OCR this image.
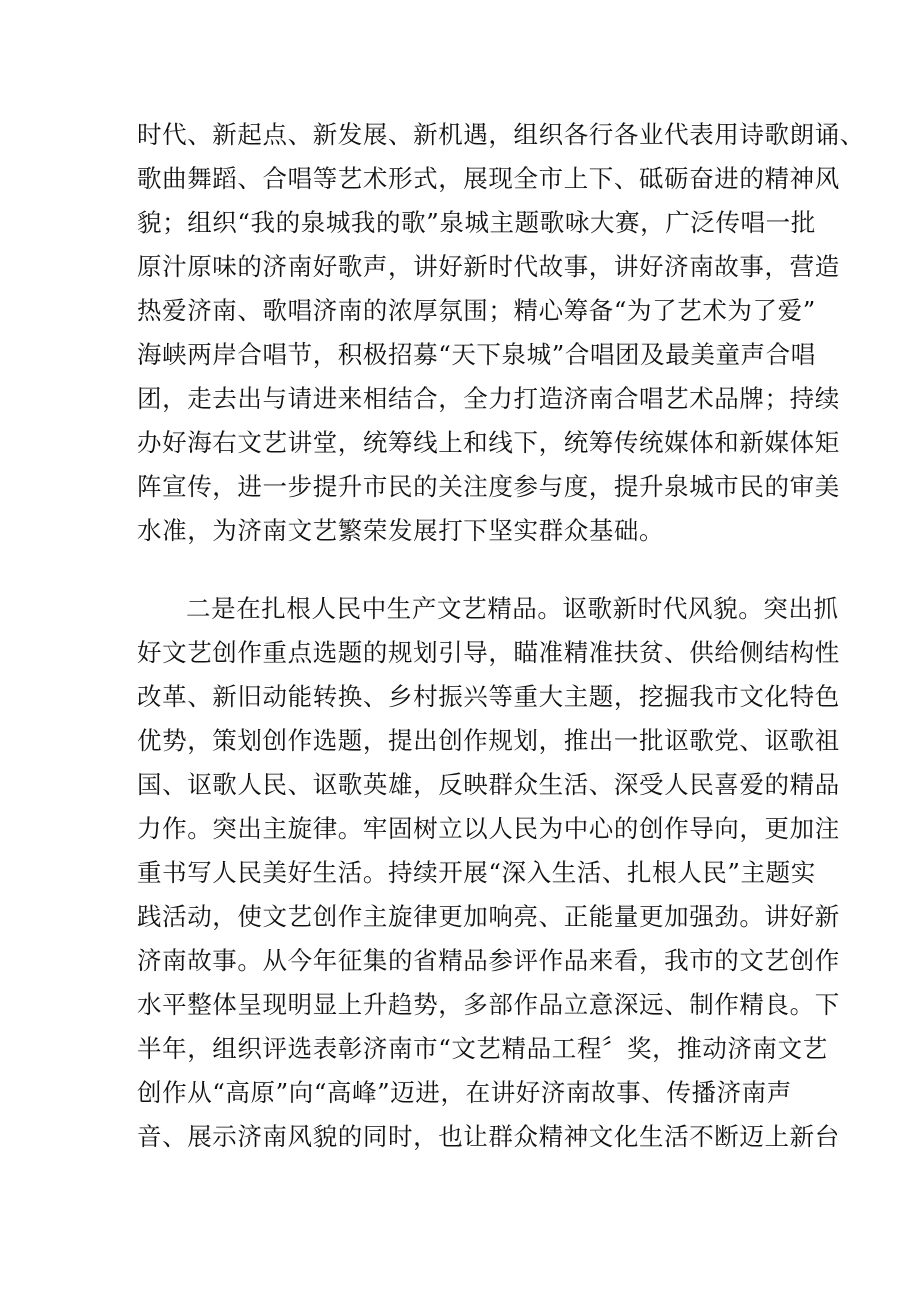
时代、新起点、新发展、新机遇，组织各行各业代表用诗歌朗诵、
歌曲舞蹈、合唱等艺术形式，展现全市上下、砥砺奋进的精神风
貌；组织“我的泉城我的歌”泉城主题歌咏大赛，广泛传唱一批
原汁原味的济南好歌声，讲好新时代故事，讲好济南故事，营造
热爱济南、歌唱济南的浓厚氛围；精心筹备“为了艺术为了爱”
海峡两岸合唱节，积极招募“天下泉城”合唱团及最美童声合唱
团，走去出与请进来相结合，全力打造济南合唱艺术品牌；持续
办好海右文艺讲堂，统筹线上和线下，统筹传统媒体和新媒体矩
阵宣传，进一步提升市民的关注度参与度，提升泉城市民的审美
水准，为济南文艺繁荣发展打下坚实群众基础。
二是在扎根人民中生产文艺精品。讴歌新时代风貌。突出抓
好文艺创作重点选题的规划引导，瞄准精准扶贫、供给侧结构性
改革、新旧动能转换、乡村振兴等重大主题，挖掘我市文化特色
优势，策划创作选题，提出创作规划，推出一批讴歌党、讴歌祖
国、讴歌人民、讴歌英雄，反映群众生活、深受人民喜爱的精品
力作。突出主旋律。牢固树立以人民为中心的创作导向，更加注
重书写人民美好生活。持续开展“深入生活、扎根人民”主题实
践活动，使文艺创作主旋律更加响亮、正能量更加强劲。讲好新
济南故事。从今年征集的省精品参评作品来看，我市的文艺创作
水平整体呈现明显上升趋势，多部作品立意深远、制作精良。下
半年，组织评选表彰济南市“文艺精品工程〞奖，推动济南文艺
创作从“高原”向“高峰”迈进，在讲好济南故事、传播济南声
音、展示济南风貌的同时，也让群众精神文化生活不断迈上新台
